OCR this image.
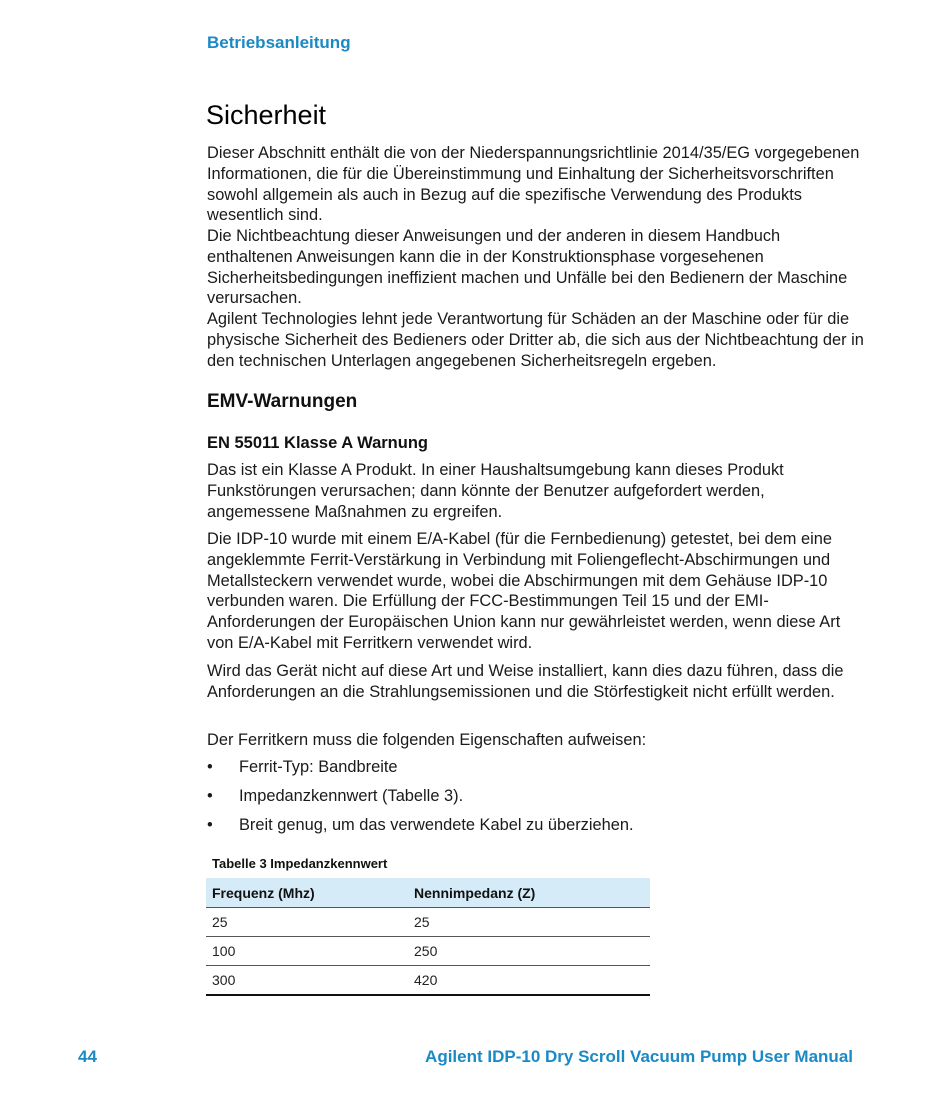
Betriebsanleitung
Sicherheit

Dieser Abschnitt enthält die von der Niederspannungsrichtlinie 2014/35/EG vorgegebenen Informationen, die für die Übereinstimmung und Einhaltung der Sicherheitsvorschriften sowohl allgemein als auch in Bezug auf die spezifische Verwendung des Produkts wesentlich sind.

Die Nichtbeachtung dieser Anweisungen und der anderen in diesem Handbuch enthaltenen Anweisungen kann die in der Konstruktionsphase vorgesehenen Sicherheitsbedingungen ineffizient machen und Unfälle bei den Bedienern der Maschine verursachen.

Agilent Technologies lehnt jede Verantwortung für Schäden an der Maschine oder für die physische Sicherheit des Bedieners oder Dritter ab, die sich aus der Nichtbeachtung der in den technischen Unterlagen angegebenen Sicherheitsregeln ergeben.

EMV-Warnungen
EN 55011 Klasse A Warnung

Das ist ein Klasse A Produkt. In einer Haushaltsumgebung kann dieses Produkt Funkstörungen verursachen; dann könnte der Benutzer aufgefordert werden, angemessene Maßnahmen zu ergreifen.

Die IDP-10 wurde mit einem E/A-Kabel (für die Fernbedienung) getestet, bei dem eine angeklemmte Ferrit-Verstärkung in Verbindung mit Foliengeflecht-Abschirmungen und Metallsteckern verwendet wurde, wobei die Abschirmungen mit dem Gehäuse IDP-10 verbunden waren. Die Erfüllung der FCC-Bestimmungen Teil 15 und der EMI-Anforderungen der Europäischen Union kann nur gewährleistet werden, wenn diese Art von E/A-Kabel mit Ferritkern verwendet wird.

Wird das Gerät nicht auf diese Art und Weise installiert, kann dies dazu führen, dass die Anforderungen an die Strahlungsemissionen und die Störfestigkeit nicht erfüllt werden.

Der Ferritkern muss die folgenden Eigenschaften aufweisen:

• Ferrit-Typ: Bandbreite
• Impedanzkennwert (Tabelle 3).
• Breit genug, um das verwendete Kabel zu überziehen.
Tabelle 3 Impedanzkennwert
Frequenz (Mhz)	Nennimpedanz (Z)
25	25
100	250
300	420
44	Agilent IDP-10 Dry Scroll Vacuum Pump User Manual
